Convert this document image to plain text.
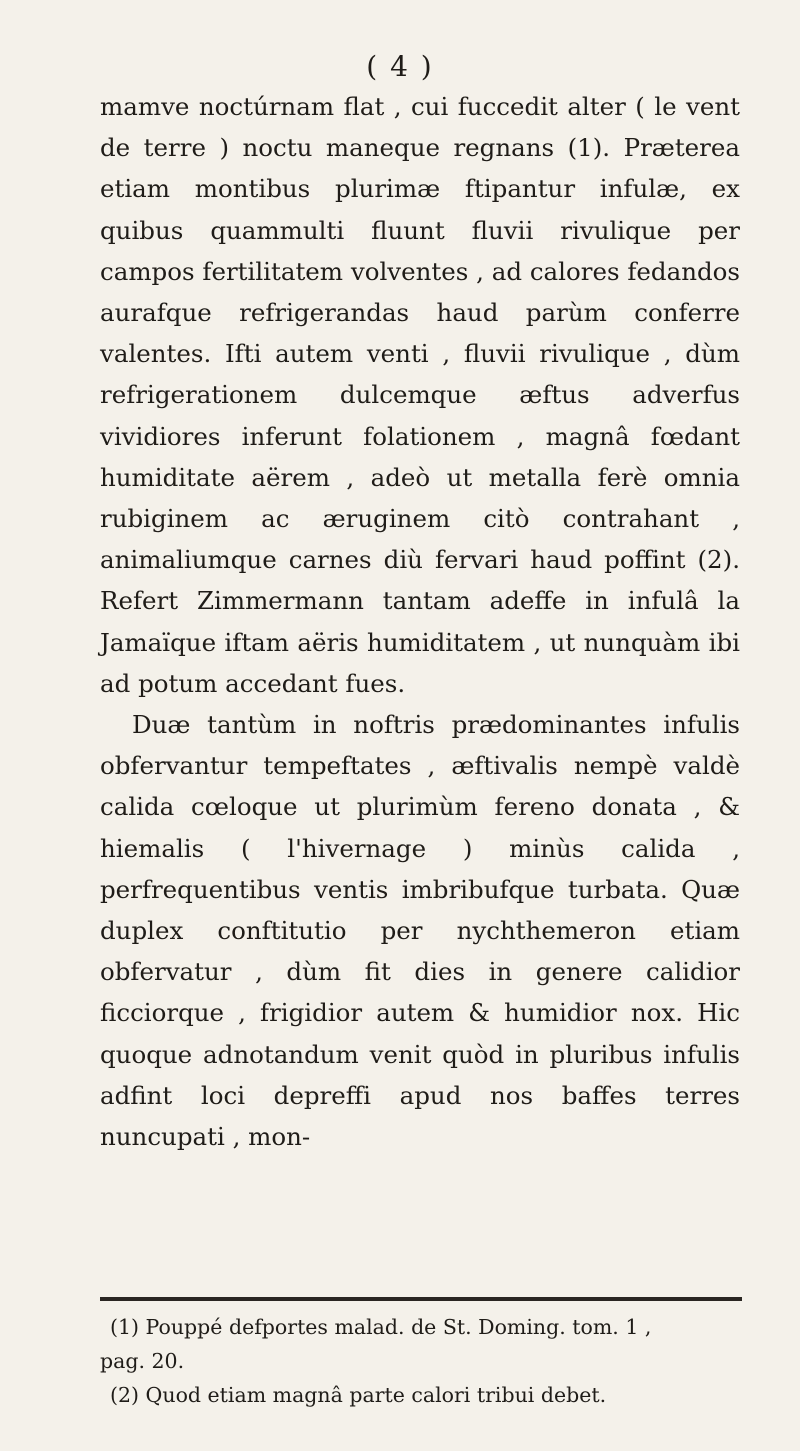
( 4 )

mamve noctúrnam flat , cui fuccedit alter ( le vent de terre ) noctu maneque regnans (1). Præterea etiam montibus plurimæ ftipantur infulæ, ex quibus quammulti fluunt fluvii rivulique per campos fertilitatem volventes , ad calores fedandos aurafque refrigerandas haud parùm conferre valentes. Ifti autem venti , fluvii rivulique , dùm refrigerationem dulcemque æftus adverfus vividiores inferunt folationem , magnâ fœdant humiditate aërem , adeò ut metalla ferè omnia rubiginem ac æruginem citò contrahant , animaliumque carnes diù fervari haud poffint (2). Refert Zimmermann tantam adeffe in infulâ la Jamaïque iftam aëris humiditatem , ut nunquàm ibi ad potum accedant fues.

Duæ tantùm in noftris prædominantes infulis obfervantur tempeftates , æftivalis nempè valdè calida cœloque ut plurimùm fereno donata , & hiemalis ( l'hivernage ) minùs calida , perfrequentibus ventis imbribufque turbata. Quæ duplex conftitutio per nychthemeron etiam obfervatur , dùm fit dies in genere calidior ficciorque , frigidior autem & humidior nox. Hic quoque adnotandum venit quòd in pluribus infulis adfint loci depreffi apud nos baffes terres nuncupati , mon-

(1) Pouppé defportes malad. de St. Doming. tom. 1 ,

pag. 20.

(2) Quod etiam magnâ parte calori tribui debet.
